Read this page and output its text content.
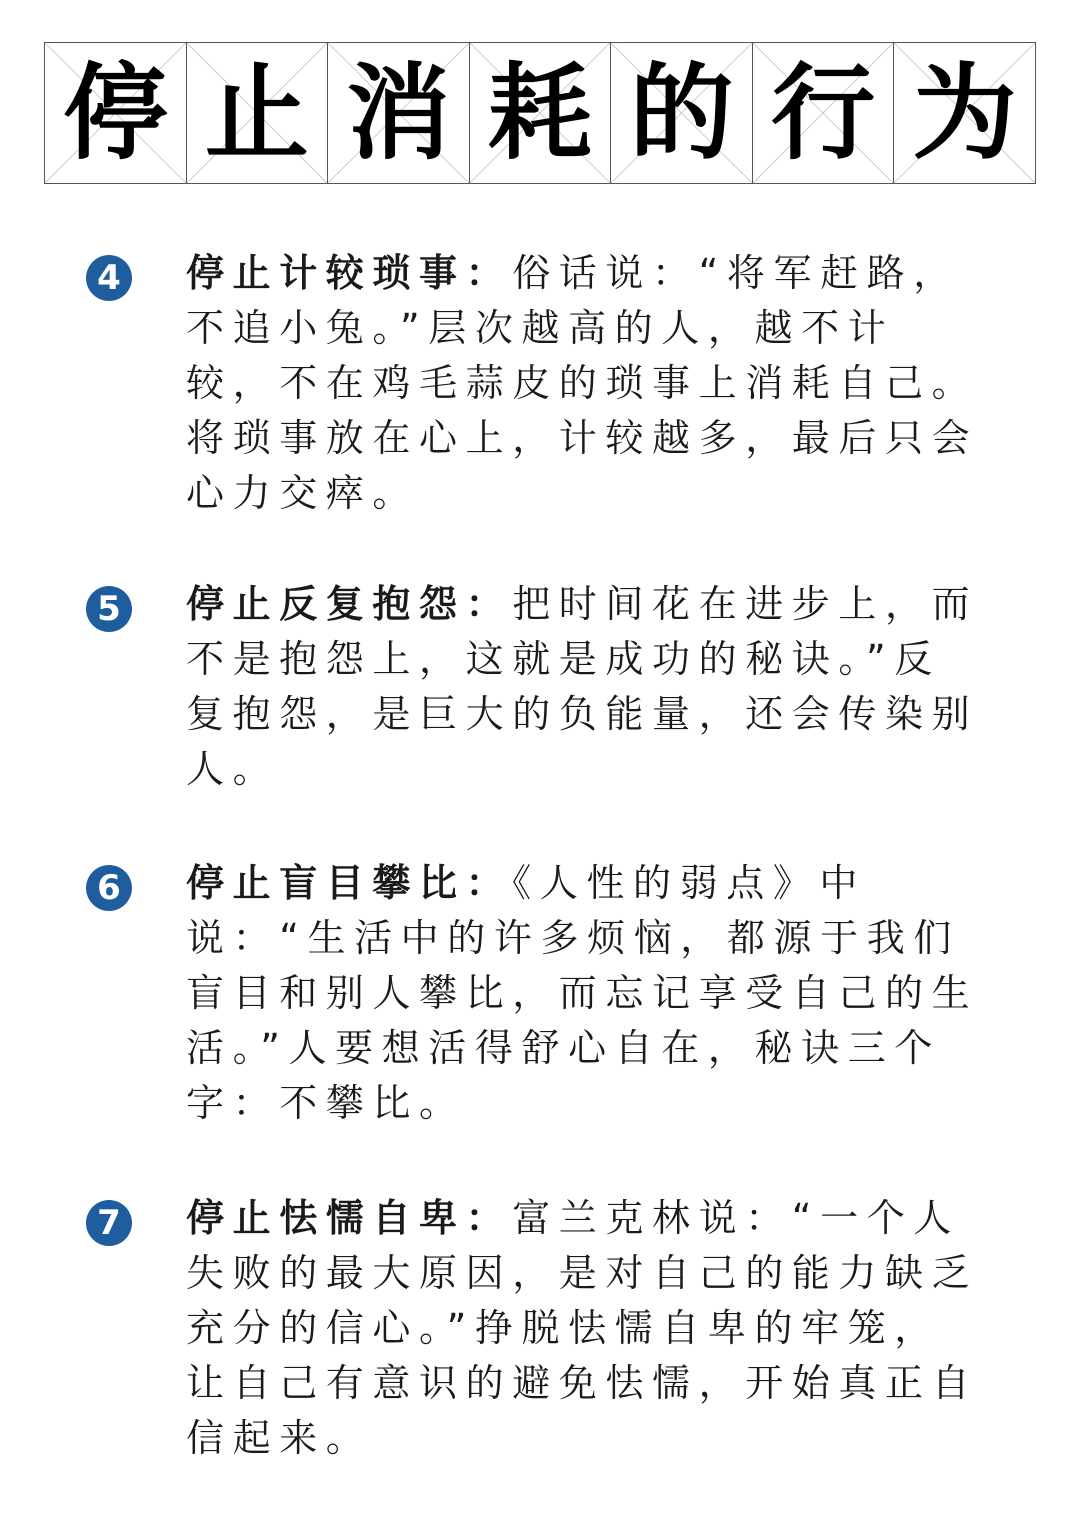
停 止 消 耗 的 行 为
4 停止计较琐事：俗话说：“将军赶路，不追小兔。”层次越高的人，越不计较，不在鸡毛蒜皮的琐事上消耗自己。将琐事放在心上，计较越多，最后只会心力交瘁。
5 停止反复抱怨：把时间花在进步上，而不是抱怨上，这就是成功的秘诀。”反复抱怨，是巨大的负能量，还会传染别人。
6 停止盲目攀比：《人性的弱点》中说：“生活中的许多烦恼，都源于我们盲目和别人攀比，而忘记享受自己的生活。”人要想活得舒心自在，秘诀三个字：不攀比。
7 停止怯懦自卑：富兰克林说：“一个人失败的最大原因，是对自己的能力缺乏充分的信心。”挣脱怯懦自卑的牢笼，让自己有意识的避免怯懦，开始真正自信起来。
